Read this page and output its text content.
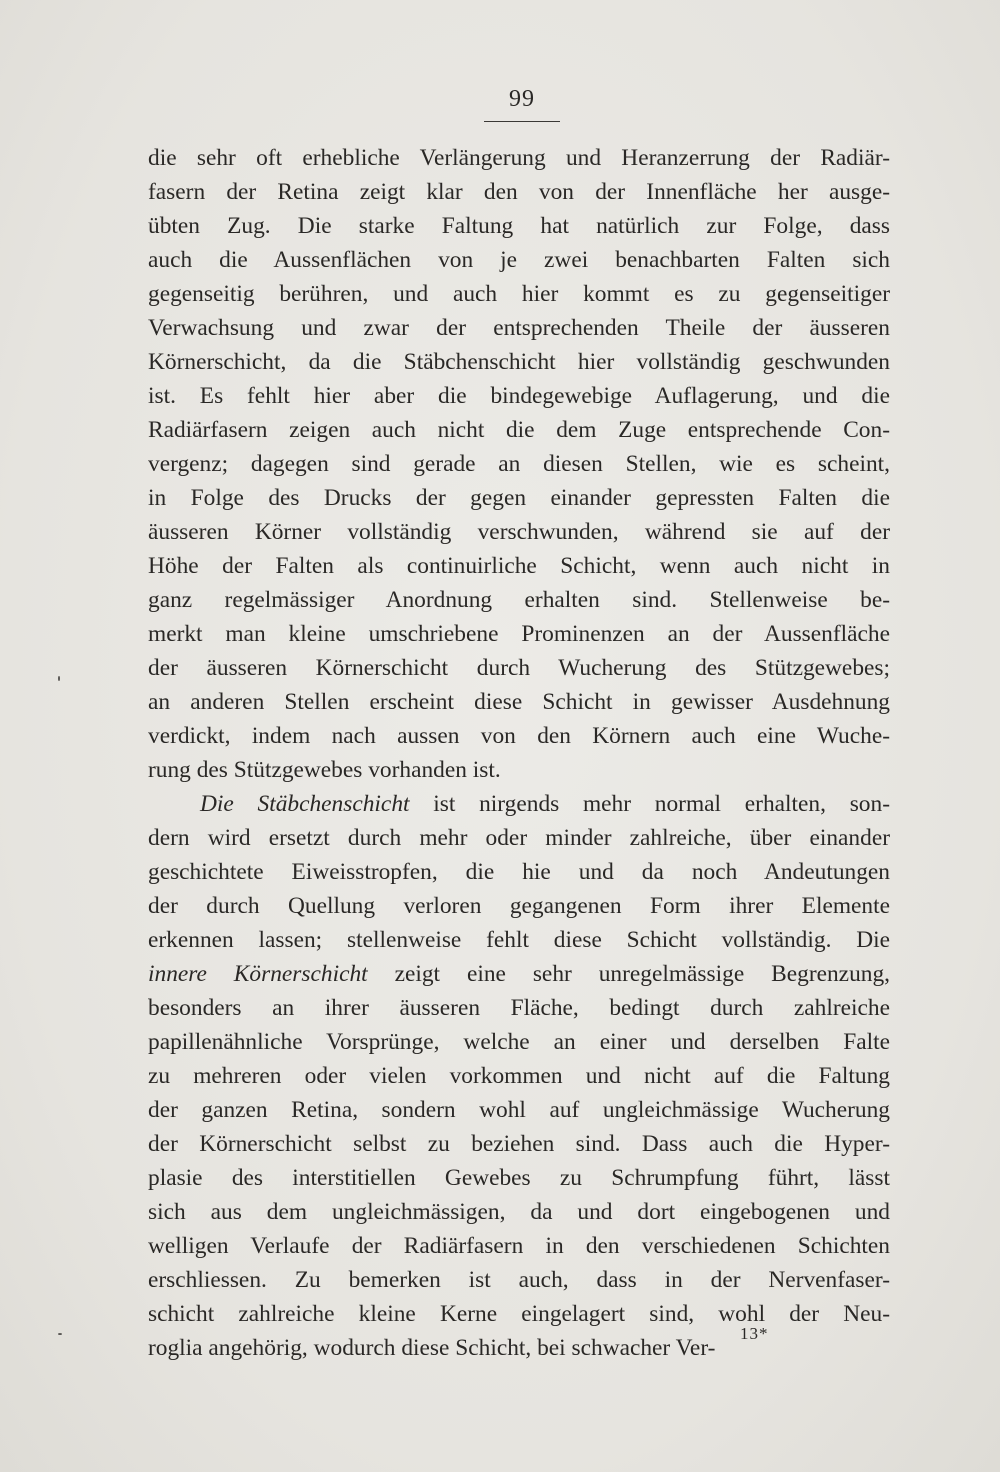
99
die sehr oft erhebliche Verlängerung und Heranzerrung der Radiär-
fasern der Retina zeigt klar den von der Innenfläche her ausge-
übten Zug. Die starke Faltung hat natürlich zur Folge, dass
auch die Aussenflächen von je zwei benachbarten Falten sich
gegenseitig berühren, und auch hier kommt es zu gegenseitiger
Verwachsung und zwar der entsprechenden Theile der äusseren
Körnerschicht, da die Stäbchenschicht hier vollständig geschwunden
ist. Es fehlt hier aber die bindegewebige Auflagerung, und die
Radiärfasern zeigen auch nicht die dem Zuge entsprechende Con-
vergenz; dagegen sind gerade an diesen Stellen, wie es scheint,
in Folge des Drucks der gegen einander gepressten Falten die
äusseren Körner vollständig verschwunden, während sie auf der
Höhe der Falten als continuirliche Schicht, wenn auch nicht in
ganz regelmässiger Anordnung erhalten sind. Stellenweise be-
merkt man kleine umschriebene Prominenzen an der Aussenfläche
der äusseren Körnerschicht durch Wucherung des Stützgewebes;
an anderen Stellen erscheint diese Schicht in gewisser Ausdehnung
verdickt, indem nach aussen von den Körnern auch eine Wuche-
rung des Stützgewebes vorhanden ist.
Die Stäbchenschicht ist nirgends mehr normal erhalten, son-
dern wird ersetzt durch mehr oder minder zahlreiche, über einander
geschichtete Eiweisstropfen, die hie und da noch Andeutungen
der durch Quellung verloren gegangenen Form ihrer Elemente
erkennen lassen; stellenweise fehlt diese Schicht vollständig. Die
innere Körnerschicht zeigt eine sehr unregelmässige Begrenzung,
besonders an ihrer äusseren Fläche, bedingt durch zahlreiche
papillenähnliche Vorsprünge, welche an einer und derselben Falte
zu mehreren oder vielen vorkommen und nicht auf die Faltung
der ganzen Retina, sondern wohl auf ungleichmässige Wucherung
der Körnerschicht selbst zu beziehen sind. Dass auch die Hyper-
plasie des interstitiellen Gewebes zu Schrumpfung führt, lässt
sich aus dem ungleichmässigen, da und dort eingebogenen und
welligen Verlaufe der Radiärfasern in den verschiedenen Schichten
erschliessen. Zu bemerken ist auch, dass in der Nervenfaser-
schicht zahlreiche kleine Kerne eingelagert sind, wohl der Neu-
roglia angehörig, wodurch diese Schicht, bei schwacher Ver-
13*
